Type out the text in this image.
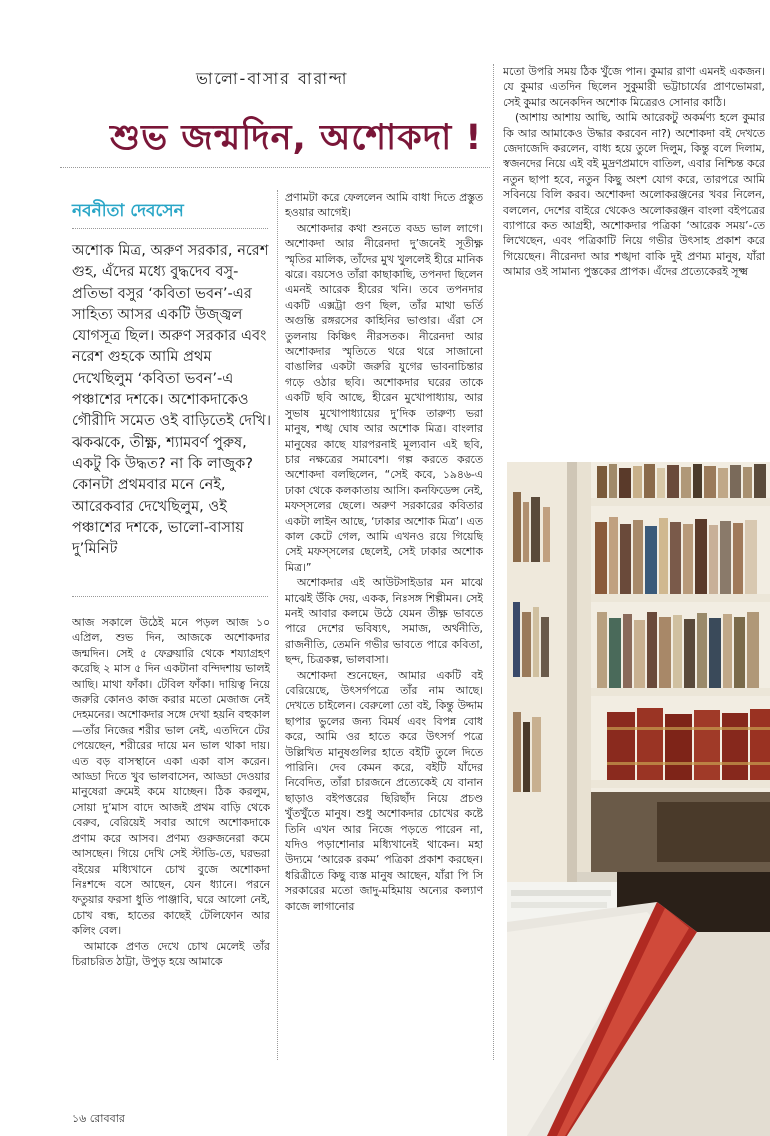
ভালো-বাসার বারান্দা
শুভ জন্মদিন, অশোকদা !
নবনীতা দেবসেন
অশোক মিত্র, অরুণ সরকার, নরেশ গুহ, এঁদের মধ্যে বুদ্ধদেব বসু-প্রতিভা বসুর ‘কবিতা ভবন’-এর সাহিত্য আসর একটি উজ্জ্বল যোগসূত্র ছিল। অরুণ সরকার এবং নরেশ গুহকে আমি প্রথম দেখেছিলুম ‘কবিতা ভবন’-এ পঞ্চাশের দশকে। অশোকদাকেও গৌরীদি সমেত ওই বাড়িতেই দেখি। ঝকঝকে, তীক্ষ্ণ, শ্যামবর্ণ পুরুষ, একটু কি উদ্ধত? না কি লাজুক? কোনটা প্রথমবার মনে নেই, আরেকবার দেখেছিলুম, ওই পঞ্চাশের দশকে, ভালো-বাসায় দু’মিনিট

আজ সকালে উঠেই মনে পড়ল আজ ১০ এপ্রিল, শুভ দিন, আজকে অশোকদার জন্মদিন। সেই ৫ ফেব্রুয়ারি থেকে শয্যাগ্রহণ করেছি ২ মাস ৫ দিন একটানা বন্দিদশায় ভালই আছি। মাথা ফাঁকা। টেবিল ফাঁকা। দায়িত্ব নিয়ে জরুরি কোনও কাজ করার মতো মেজাজ নেই দেহমনের। অশোকদার সঙ্গে দেখা হয়নি বহুকাল—তাঁর নিজের শরীর ভাল নেই, এতদিনে টের পেয়েছেন, শরীরের দায়ে মন ভাল থাকা দায়। এত বড় বাসস্থানে একা একা বাস করেন। আড্ডা দিতে খুব ভালবাসেন, আড্ডা দেওয়ার মানুষেরা ক্রমেই কমে যাচ্ছেন। ঠিক করলুম, সোয়া দু’মাস বাদে আজই প্রথম বাড়ি থেকে বেরুব, বেরিয়েই সবার আগে অশোকদাকে প্রণাম করে আসব। প্রণম্য গুরুজনেরা কমে আসছেন। গিয়ে দেখি সেই স্টাডি-তে, ঘরভরা বইয়ের মধ্যিখানে চোখ বুজে অশোকদা নিঃশব্দে বসে আছেন, যেন ধ্যানে। পরনে ফতুয়ার ফরসা ধুতি পাঞ্জাবি, ঘরে আলো নেই, চোখ বন্ধ, হাতের কাছেই টেলিফোন আর কলিং বেল।

আমাকে প্রণত দেখে চোখ মেলেই তাঁর চিরাচরিত ঠাট্টা, উপুড় হয়ে আমাকে

প্রণামটা করে ফেললেন আমি বাধা দিতে প্রস্তুত হওয়ার আগেই।

অশোকদার কথা শুনতে বড্ড ভাল লাগে। অশোকদা আর নীরেনদা দু’জনেই সূতীক্ষ্ণ স্মৃতির মালিক, তাঁদের মুখ খুললেই হীরে মানিক ঝরে। বয়সেও তাঁরা কাছাকাছি, তপনদা ছিলেন এমনই আরেক হীরের খনি। তবে তপনদার একটি এক্সট্রা গুণ ছিল, তাঁর মাথা ভর্তি অগুন্তি রঙ্গরসের কাহিনির ভাণ্ডার। এঁরা সে তুলনায় কিঞ্চিৎ নীরসতক। নীরেনদা আর অশোকদার স্মৃতিতে থরে থরে সাজানো বাঙালির একটা জরুরি যুগের ভাবনাচিন্তার গড়ে ওঠার ছবি। অশোকদার ঘরের তাকে একটি ছবি আছে, হীরেন মুখোপাধ্যায়, আর সুভাষ মুখোপাধ্যায়ের দু’দিক তারুণ্য ভরা মানুষ, শঙ্খ ঘোষ আর অশোক মিত্র। বাংলার মানুষের কাছে যারপরনাই মূল্যবান এই ছবি, চার নক্ষত্রের সমাবেশ। গল্প করতে করতে অশোকদা বলছিলেন, “সেই কবে, ১৯৪৬-এ ঢাকা থেকে কলকাতায় আসি। কনফিডেন্স নেই, মফস্সলের ছেলে। অরুণ সরকারের কবিতার একটা লাইন আছে, ‘ঢাকার অশোক মিত্র’। এত কাল কেটে গেল, আমি এখনও রয়ে গিয়েছি সেই মফস্সলের ছেলেই, সেই ঢাকার অশোক মিত্র।”

অশোকদার এই আউটসাইডার মন মাঝে মাঝেই উঁকি দেয়, একক, নিঃসঙ্গ শিল্পীমন। সেই মনই আবার কলমে উঠে যেমন তীক্ষ্ণ ভাবতে পারে দেশের ভবিষ্যৎ, সমাজ, অর্থনীতি, রাজনীতি, তেমনি গভীর ভাবতে পারে কবিতা, ছন্দ, চিত্রকল্প, ভালবাসা।

অশোকদা শুনেছেন, আমার একটি বই বেরিয়েছে, উৎসর্গপত্রে তাঁর নাম আছে। দেখতে চাইলেন। বেরুলো তো বই, কিন্তু উদ্দাম ছাপার ভুলের জন্য বিমর্ষ এবং বিপন্ন বোধ করে, আমি ওর হাতে করে উৎসর্গ পত্রে উল্লিখিত মানুষগুলির হাতে বইটি তুলে দিতে পারিনি। দেব কেমন করে, বইটি যাঁদের নিবেদিত, তাঁরা চারজনে প্রত্যেকেই যে বানান ছাড়াও বইপত্তরের ছিরিছাঁদ নিয়ে প্রচণ্ড খুঁতখুঁতে মানুষ। শুধু অশোকদার চোখের কষ্টে তিনি এখন আর নিজে পড়তে পারেন না, যদিও পড়াশোনার মধ্যিখানেই থাকেন। মহা উদ্যমে ‘আরেক রকম’ পত্রিকা প্রকাশ করছেন। ধরিত্রীতে কিছু ব্যস্ত মানুষ আছেন, যাঁরা পি সি সরকারের মতো জাদু-মহিমায় অন্যের কল্যাণ কাজে লাগানোর

মতো উপরি সময় ঠিক খুঁজে পান। কুমার রাণা এমনই একজন। যে কুমার এতদিন ছিলেন সুকুমারী ভট্টাচার্যের প্রাণভোমরা, সেই কুমার অনেকদিন অশোক মিত্রেরও সোনার কাঠি।

(আশায় আশায় আছি, আমি আরেকটু অকর্মণ্য হলে কুমার কি আর আমাকেও উদ্ধার করবেন না?) অশোকদা বই দেখতে জেদাজেদি করলেন, বাধ্য হয়ে তুলে দিলুম, কিন্তু বলে দিলাম, স্বজনদের নিয়ে এই বই মুদ্রণপ্রমাদে বাতিল, এবার নিশ্চিন্ত করে নতুন ছাপা হবে, নতুন কিছু অংশ যোগ করে, তারপরে আমি সবিনয়ে বিলি করব। অশোকদা অলোকরঞ্জনের খবর নিলেন, বললেন, দেশের বাইরে থেকেও অলোকরঞ্জন বাংলা বইপত্রের ব্যাপারে কত আগ্রহী, অশোকদার পত্রিকা ‘আরেক সময়’-তে লিখেছেন, এবং পত্রিকাটি নিয়ে গভীর উৎসাহ প্রকাশ করে গিয়েছেন। নীরেনদা আর শঙ্খদা বাকি দুই প্রণম্য মানুষ, যাঁরা আমার ওই সামান্য পুস্তকের প্রাপক। এঁদের প্রত্যেকেরই সূক্ষ্ম

১৬ রোববার
